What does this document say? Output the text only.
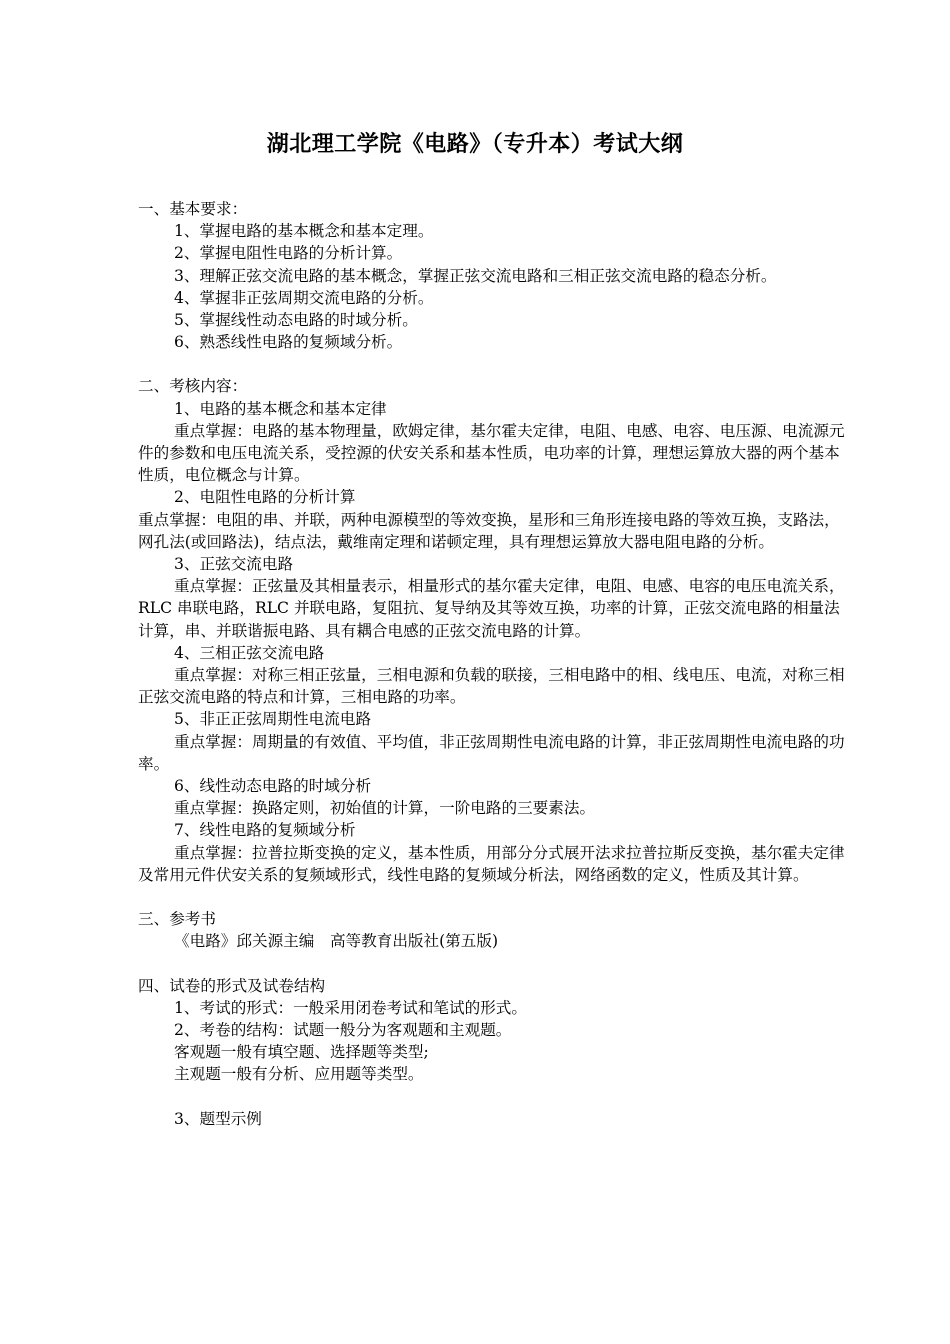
湖北理工学院《电路》（专升本）考试大纲

一、基本要求：

1、掌握电路的基本概念和基本定理。

2、掌握电阻性电路的分析计算。

3、理解正弦交流电路的基本概念，掌握正弦交流电路和三相正弦交流电路的稳态分析。

4、掌握非正弦周期交流电路的分析。

5、掌握线性动态电路的时域分析。

6、熟悉线性电路的复频域分析。

二、考核内容：

1、电路的基本概念和基本定律

重点掌握：电路的基本物理量，欧姆定律，基尔霍夫定律，电阻、电感、电容、电压源、电流源元件的参数和电压电流关系，受控源的伏安关系和基本性质，电功率的计算，理想运算放大器的两个基本性质，电位概念与计算。

2、电阻性电路的分析计算

重点掌握：电阻的串、并联，两种电源模型的等效变换，星形和三角形连接电路的等效互换，支路法，网孔法(或回路法)，结点法，戴维南定理和诺顿定理，具有理想运算放大器电阻电路的分析。

3、正弦交流电路

重点掌握：正弦量及其相量表示，相量形式的基尔霍夫定律，电阻、电感、电容的电压电流关系，RLC 串联电路，RLC 并联电路，复阻抗、复导纳及其等效互换，功率的计算，正弦交流电路的相量法计算，串、并联谐振电路、具有耦合电感的正弦交流电路的计算。

4、三相正弦交流电路

重点掌握：对称三相正弦量，三相电源和负载的联接，三相电路中的相、线电压、电流，对称三相正弦交流电路的特点和计算，三相电路的功率。

5、非正正弦周期性电流电路

重点掌握：周期量的有效值、平均值，非正弦周期性电流电路的计算，非正弦周期性电流电路的功率。

6、线性动态电路的时域分析

重点掌握：换路定则，初始值的计算，一阶电路的三要素法。

7、线性电路的复频域分析

重点掌握：拉普拉斯变换的定义，基本性质，用部分分式展开法求拉普拉斯反变换，基尔霍夫定律及常用元件伏安关系的复频域形式，线性电路的复频域分析法，网络函数的定义，性质及其计算。

三、参考书

《电路》邱关源主编　高等教育出版社(第五版)

四、试卷的形式及试卷结构

1、考试的形式：一般采用闭卷考试和笔试的形式。

2、考卷的结构：试题一般分为客观题和主观题。

客观题一般有填空题、选择题等类型;

主观题一般有分析、应用题等类型。

3、题型示例
